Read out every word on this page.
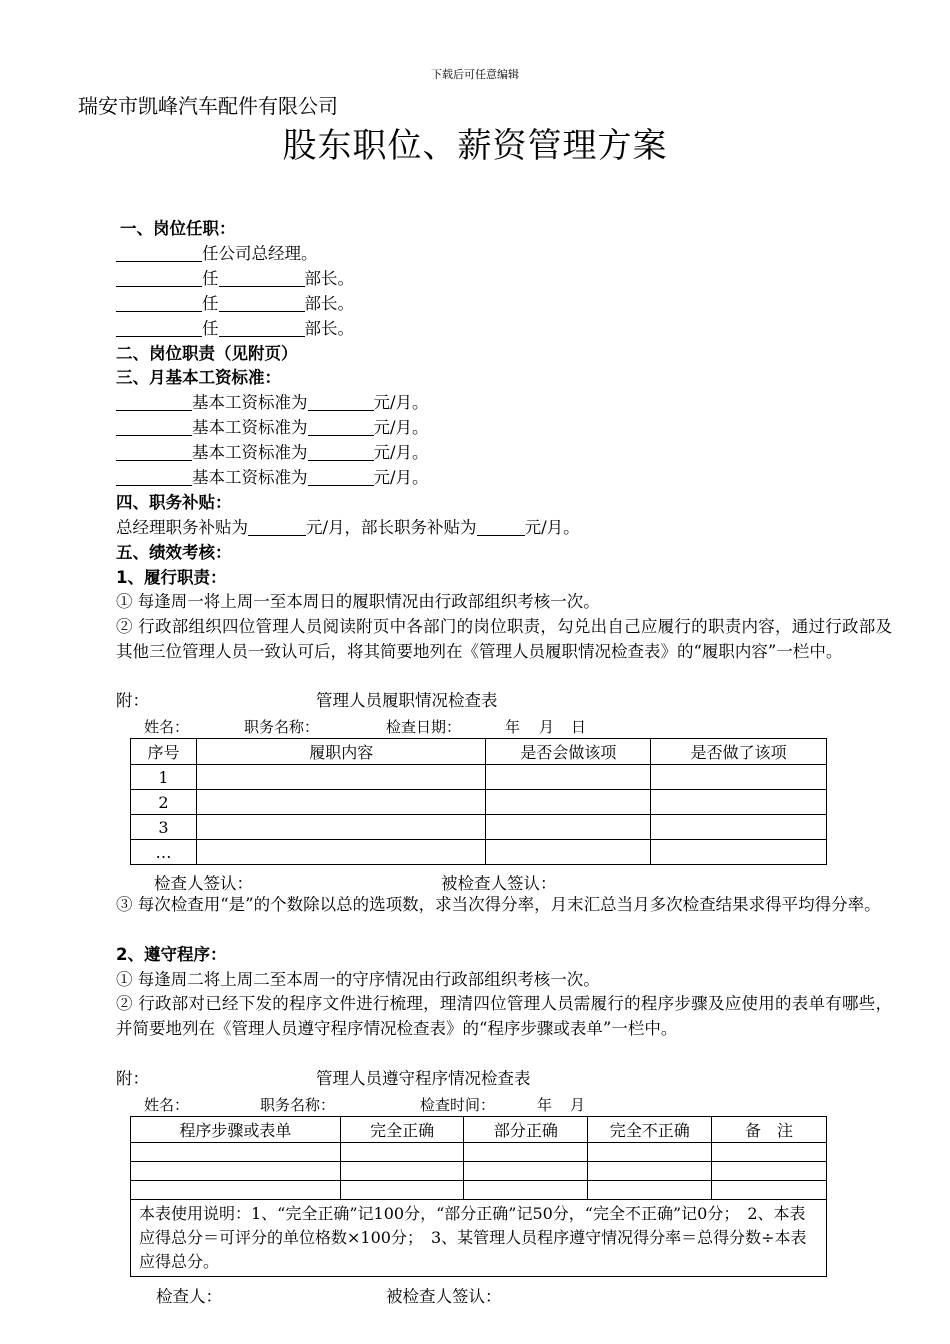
下载后可任意编辑
瑞安市凯峰汽车配件有限公司
股东职位、薪资管理方案
一、岗位任职：
任公司总经理。
任	部长。
任	部长。
任	部长。
二、岗位职责（见附页）
三、月基本工资标准：
基本工资标准为	元/月。
基本工资标准为	元/月。
基本工资标准为	元/月。
基本工资标准为	元/月。
四、职务补贴：
总经理职务补贴为	元/月，部长职务补贴为	元/月。
五、绩效考核：
1、履行职责：
① 每逢周一将上周一至本周日的履职情况由行政部组织考核一次。
② 行政部组织四位管理人员阅读附页中各部门的岗位职责，勾兑出自己应履行的职责内容，通过行政部及其他三位管理人员一致认可后，将其简要地列在《管理人员履职情况检查表》的“履职内容”一栏中。
附：	管理人员履职情况检查表
姓名：	职务名称：	检查日期：	年 月 日
序号	履职内容	是否会做该项	是否做了该项
1			
2			
3			
…			
检查人签认：	被检查人签认：
③ 每次检查用“是”的个数除以总的选项数，求当次得分率，月末汇总当月多次检查结果求得平均得分率。
2、遵守程序：
① 每逢周二将上周二至本周一的守序情况由行政部组织考核一次。
② 行政部对已经下发的程序文件进行梳理，理清四位管理人员需履行的程序步骤及应使用的表单有哪些，并简要地列在《管理人员遵守程序情况检查表》的“程序步骤或表单”一栏中。
附：	管理人员遵守程序情况检查表
姓名：	职务名称：	检查时间：	年 月
程序步骤或表单	完全正确	部分正确	完全不正确	备　注

本表使用说明：1、“完全正确”记100分，“部分正确”记50分，“完全不正确”记0分；　2、本表应得总分＝可评分的单位格数×100分；　3、某管理人员程序遵守情况得分率＝总得分数÷本表应得总分。				
检查人：	被检查人签认：
